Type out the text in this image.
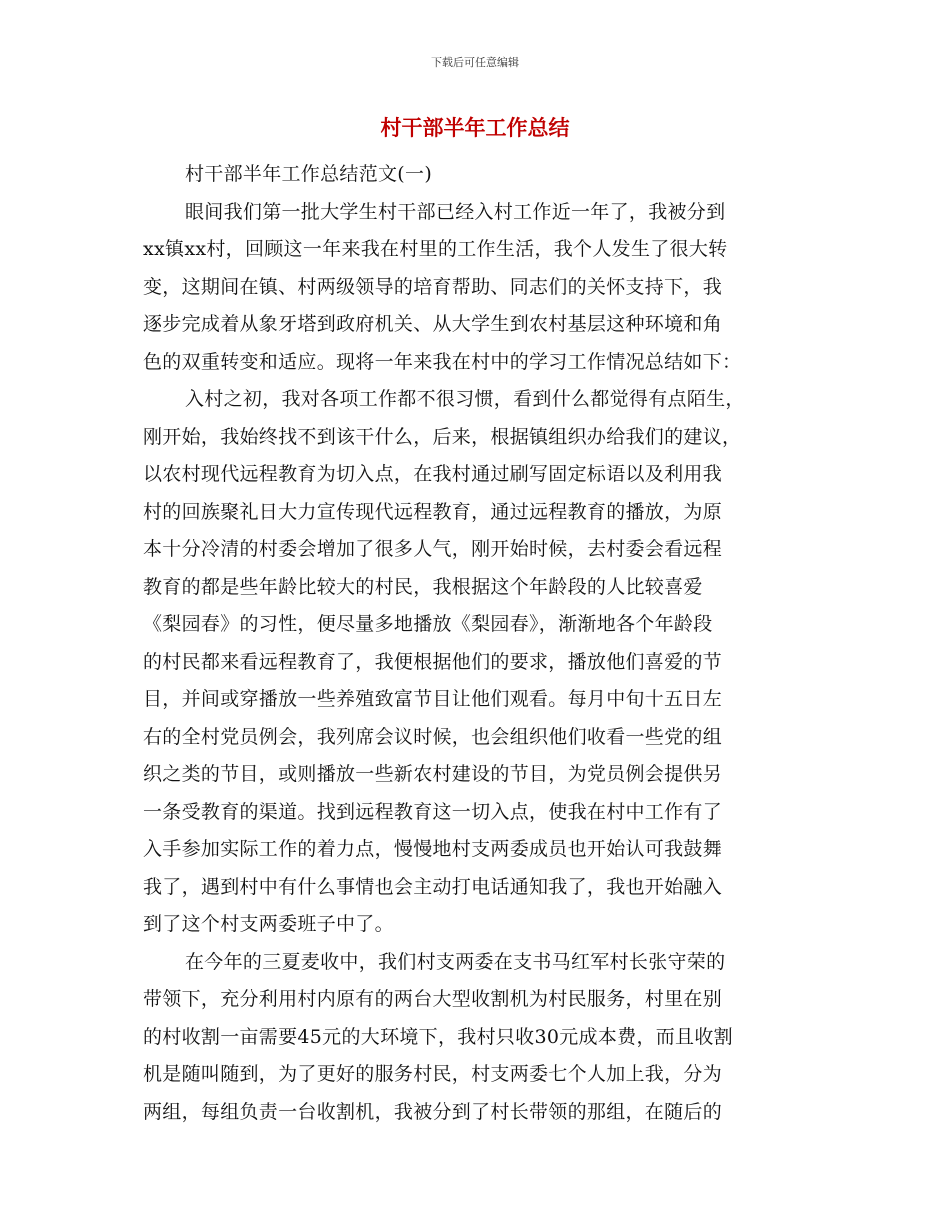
下载后可任意编辑
村干部半年工作总结
村干部半年工作总结范文(一)
眼间我们第一批大学生村干部已经入村工作近一年了，我被分到
xx镇xx村，回顾这一年来我在村里的工作生活，我个人发生了很大转
变，这期间在镇、村两级领导的培育帮助、同志们的关怀支持下，我
逐步完成着从象牙塔到政府机关、从大学生到农村基层这种环境和角
色的双重转变和适应。现将一年来我在村中的学习工作情况总结如下：
入村之初，我对各项工作都不很习惯，看到什么都觉得有点陌生，
刚开始，我始终找不到该干什么，后来，根据镇组织办给我们的建议，
以农村现代远程教育为切入点，在我村通过刷写固定标语以及利用我
村的回族聚礼日大力宣传现代远程教育，通过远程教育的播放，为原
本十分冷清的村委会增加了很多人气，刚开始时候，去村委会看远程
教育的都是些年龄比较大的村民，我根据这个年龄段的人比较喜爱
《梨园春》的习性，便尽量多地播放《梨园春》，渐渐地各个年龄段
的村民都来看远程教育了，我便根据他们的要求，播放他们喜爱的节
目，并间或穿播放一些养殖致富节目让他们观看。每月中旬十五日左
右的全村党员例会，我列席会议时候，也会组织他们收看一些党的组
织之类的节目，或则播放一些新农村建设的节目，为党员例会提供另
一条受教育的渠道。找到远程教育这一切入点，使我在村中工作有了
入手参加实际工作的着力点，慢慢地村支两委成员也开始认可我鼓舞
我了，遇到村中有什么事情也会主动打电话通知我了，我也开始融入
到了这个村支两委班子中了。
在今年的三夏麦收中，我们村支两委在支书马红军村长张守荣的
带领下，充分利用村内原有的两台大型收割机为村民服务，村里在别
的村收割一亩需要45元的大环境下，我村只收30元成本费，而且收割
机是随叫随到，为了更好的服务村民，村支两委七个人加上我，分为
两组，每组负责一台收割机，我被分到了村长带领的那组，在随后的
